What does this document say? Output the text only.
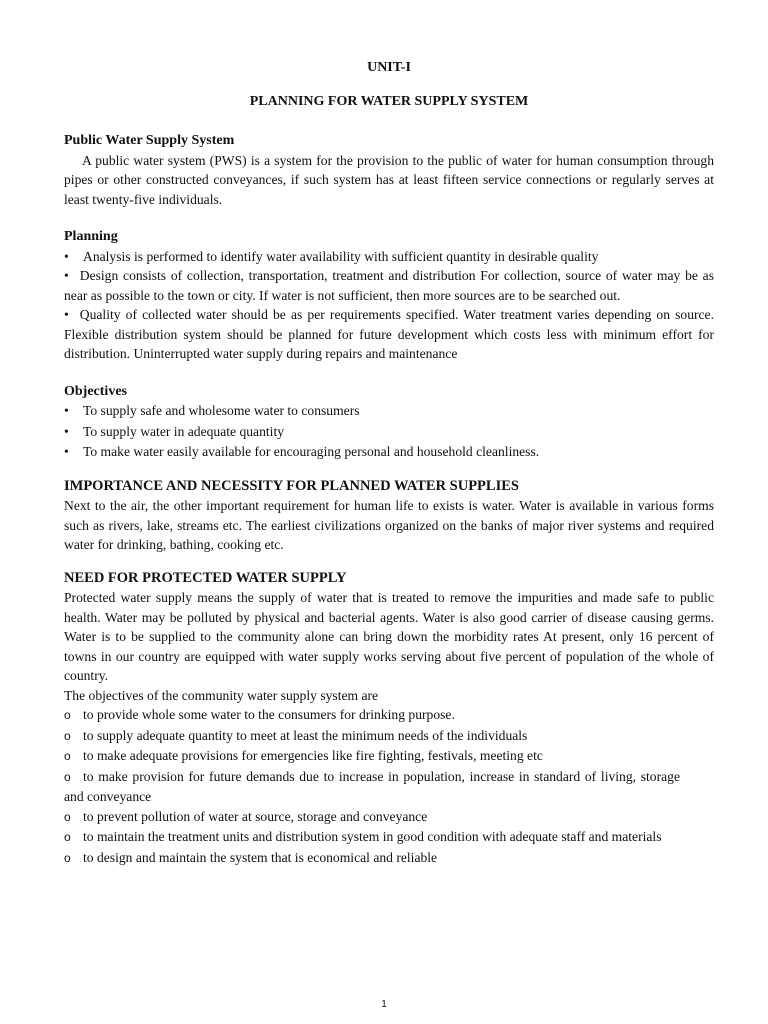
UNIT-I
PLANNING FOR WATER SUPPLY SYSTEM
Public Water Supply System

A public water system (PWS) is a system for the provision to the public of water for human consumption through pipes or other constructed conveyances, if such system has at least fifteen service connections or regularly serves at least twenty-five individuals.

Planning
• Analysis is performed to identify water availability with sufficient quantity in desirable quality
• Design consists of collection, transportation, treatment and distribution For collection, source of water may be as near as possible to the town or city. If water is not sufficient, then more sources are to be searched out.
• Quality of collected water should be as per requirements specified. Water treatment varies depending on source. Flexible distribution system should be planned for future development which costs less with minimum effort for distribution. Uninterrupted water supply during repairs and maintenance
Objectives
• To supply safe and wholesome water to consumers
• To supply water in adequate quantity
• To make water easily available for encouraging personal and household cleanliness.
IMPORTANCE AND NECESSITY FOR PLANNED WATER SUPPLIES

Next to the air, the other important requirement for human life to exists is water. Water is available in various forms such as rivers, lake, streams etc. The earliest civilizations organized on the banks of major river systems and required water for drinking, bathing, cooking etc.

NEED FOR PROTECTED WATER SUPPLY

Protected water supply means the supply of water that is treated to remove the impurities and made safe to public health. Water may be polluted by physical and bacterial agents. Water is also good carrier of disease causing germs. Water is to be supplied to the community alone can bring down the morbidity rates At present, only 16 percent of towns in our country are equipped with water supply works serving about five percent of population of the whole of country.

The objectives of the community water supply system are

o to provide whole some water to the consumers for drinking purpose.
o to supply adequate quantity to meet at least the minimum needs of the individuals
o to make adequate provisions for emergencies like fire fighting, festivals, meeting etc
o to make provision for future demands due to increase in population, increase in standard of living, storage and conveyance
o to prevent pollution of water at source, storage and conveyance
o to maintain the treatment units and distribution system in good condition with adequate staff and materials
o to design and maintain the system that is economical and reliable
1
